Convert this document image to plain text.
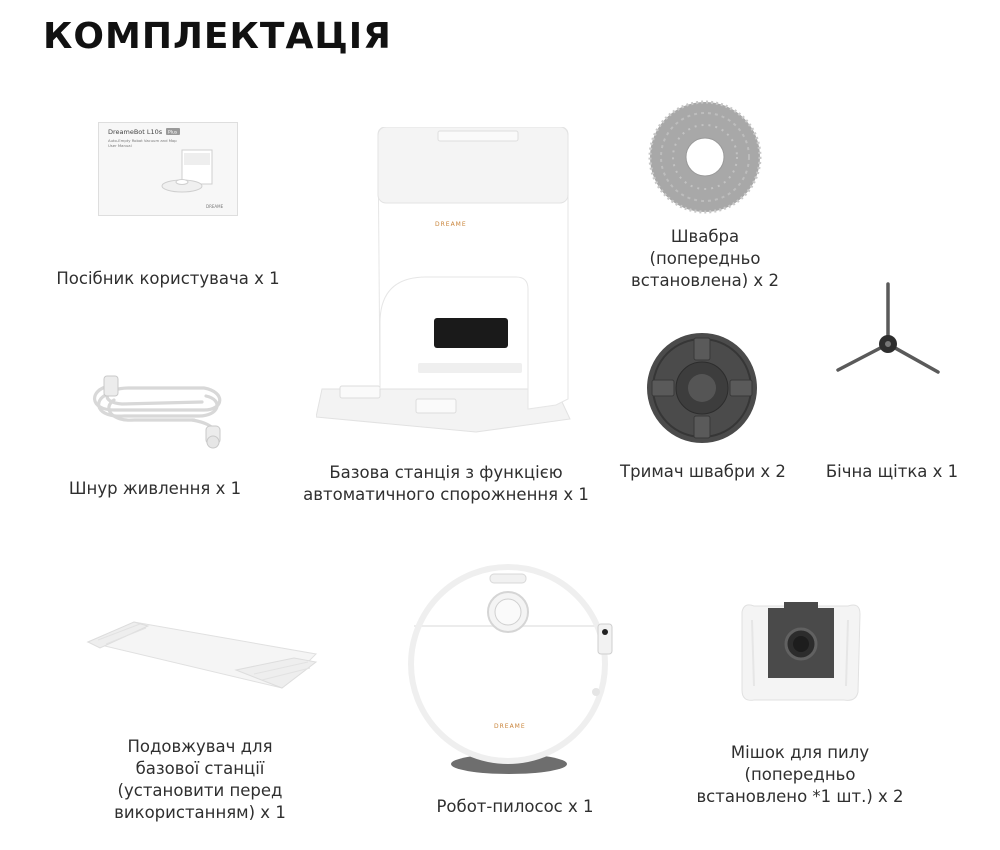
КОМПЛЕКТАЦІЯ
DreameBot L10s Plus
Auto-Empty Robot Vacuum and Mop
User Manual
DREAME
Посібник користувача x 1
Шнур живлення x 1
DREAME
Базова станція з функцією
автоматичного спорожнення x 1
Швабра
(попередньо
встановлена) x 2
Тримач швабри x 2	Бічна щітка x 1
Подовжувач для
базової станції
(установити перед
використанням) x 1
DREAME
Робот-пилосос x 1
Мішок для пилу
(попередньо
встановлено *1 шт.) x 2
